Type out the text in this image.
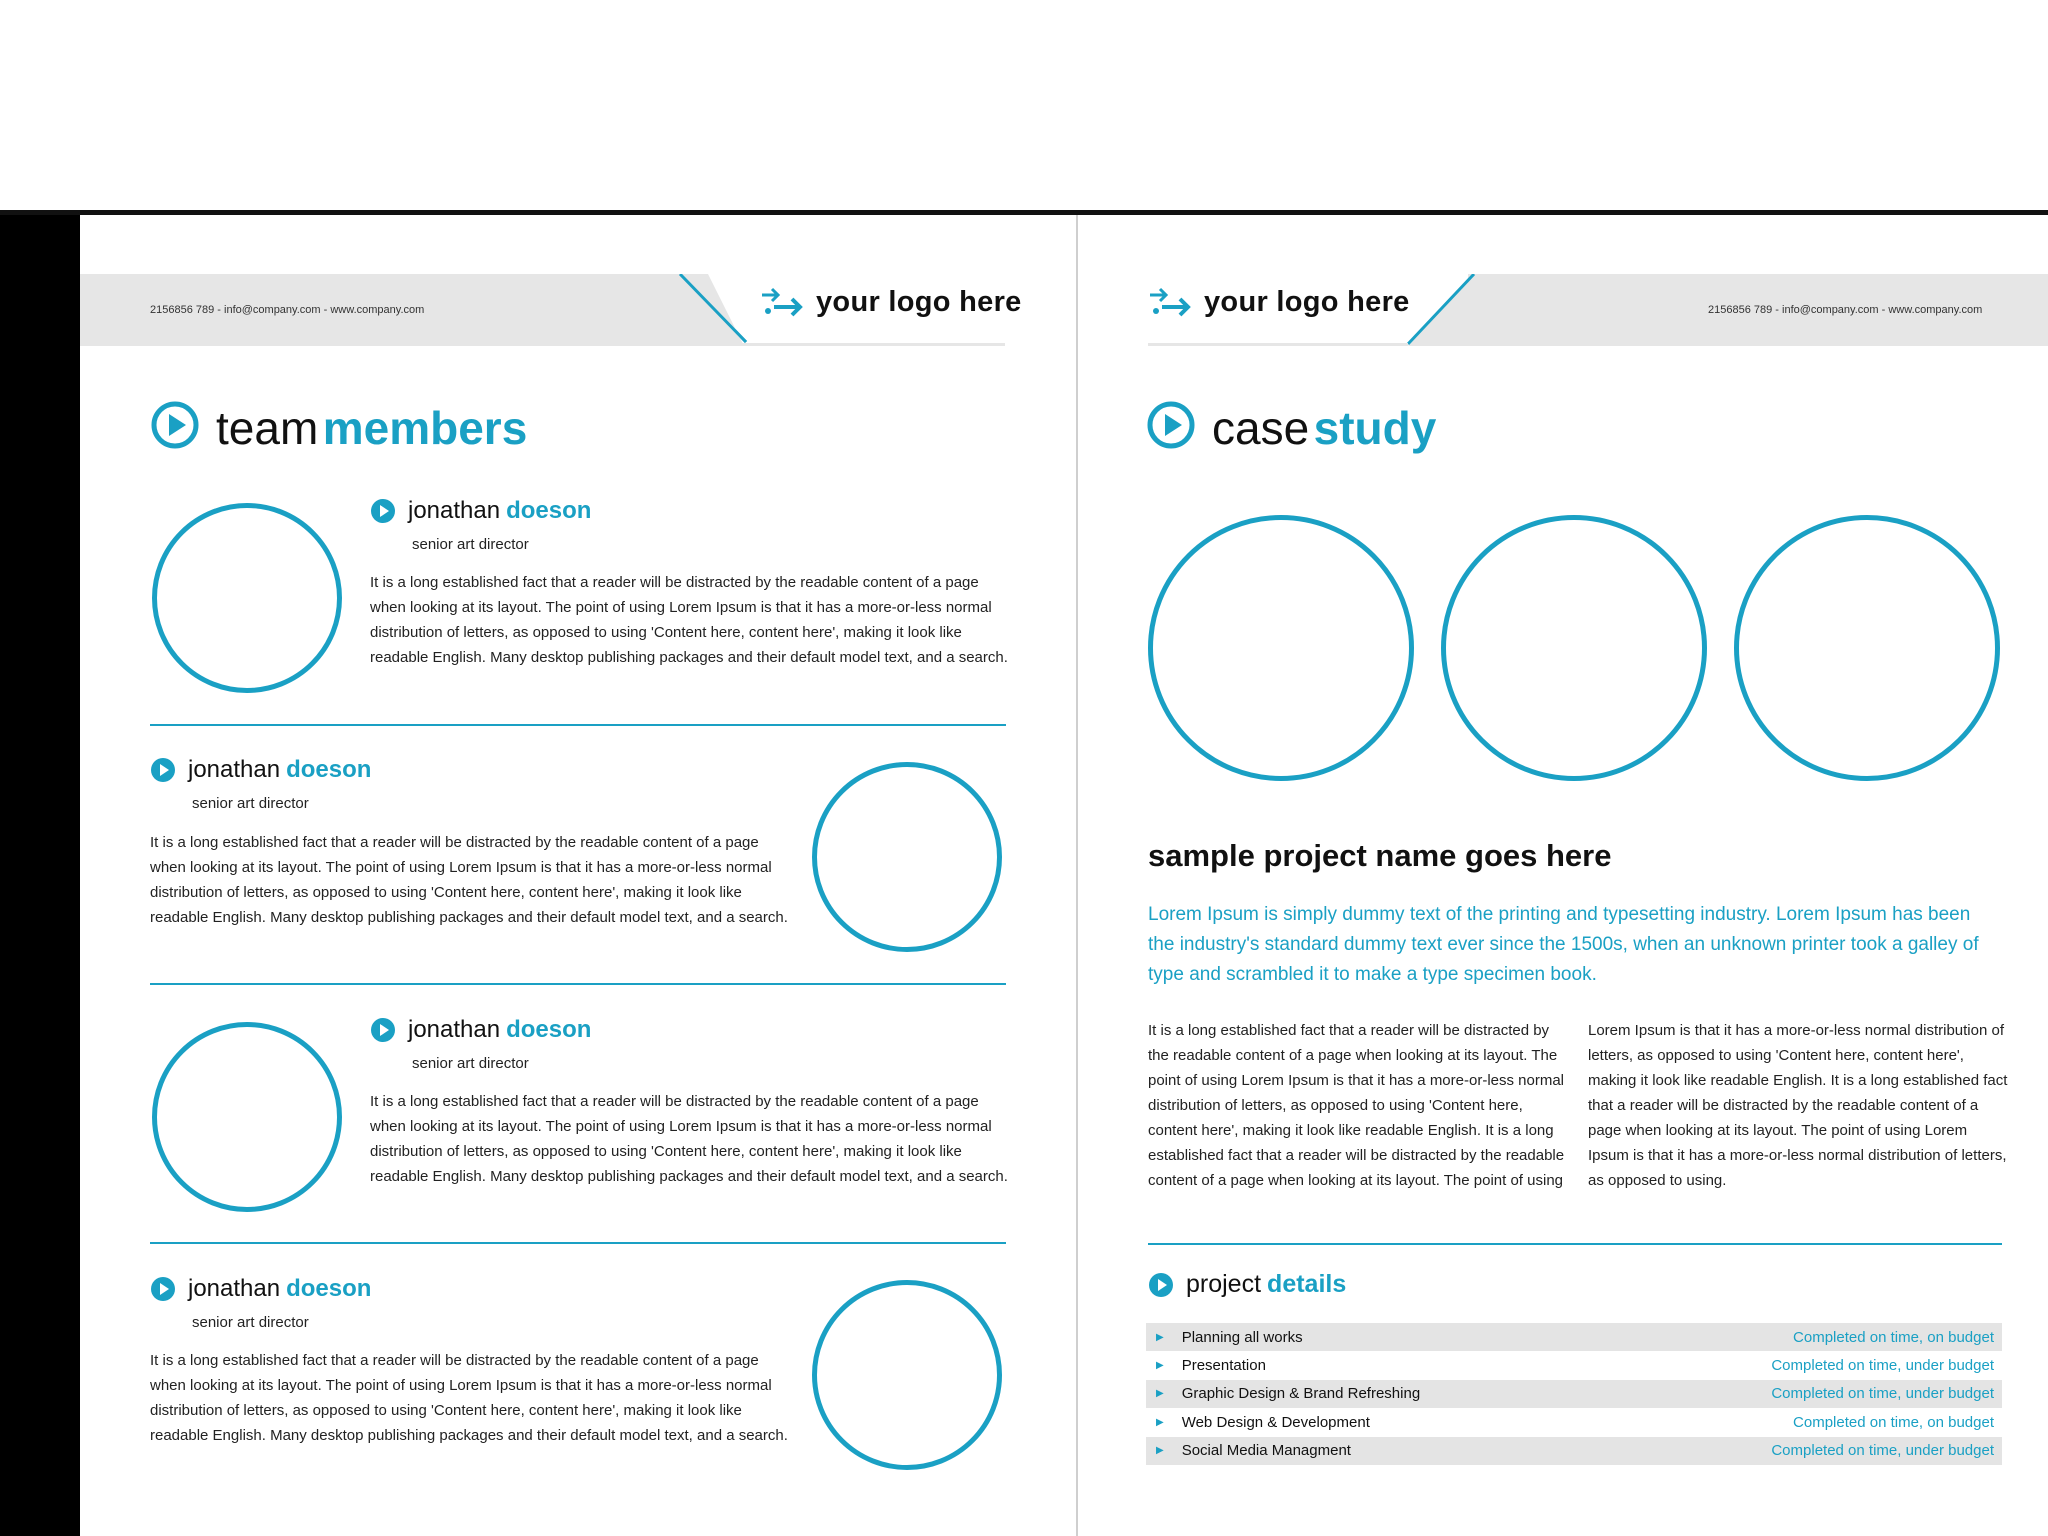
2156856 789 - info@company.com - www.company.com	your logo here
team members
jonathan doeson
senior art director
It is a long established fact that a reader will be distracted by the readable content of a page when looking at its layout. The point of using Lorem Ipsum is that it has a more-or-less normal distribution of letters, as opposed to using 'Content here, content here', making it look like readable English. Many desktop publishing packages and their default model text, and a search.
jonathan doeson
senior art director
It is a long established fact that a reader will be distracted by the readable content of a page when looking at its layout. The point of using Lorem Ipsum is that it has a more-or-less normal distribution of letters, as opposed to using 'Content here, content here', making it look like readable English. Many desktop publishing packages and their default model text, and a search.
jonathan doeson
senior art director
It is a long established fact that a reader will be distracted by the readable content of a page when looking at its layout. The point of using Lorem Ipsum is that it has a more-or-less normal distribution of letters, as opposed to using 'Content here, content here', making it look like readable English. Many desktop publishing packages and their default model text, and a search.
jonathan doeson
senior art director
It is a long established fact that a reader will be distracted by the readable content of a page when looking at its layout. The point of using Lorem Ipsum is that it has a more-or-less normal distribution of letters, as opposed to using 'Content here, content here', making it look like readable English. Many desktop publishing packages and their default model text, and a search.
2156856 789 - info@company.com - www.company.com
your logo here
case study
sample project name goes here
Lorem Ipsum is simply dummy text of the printing and typesetting industry. Lorem Ipsum has been the industry's standard dummy text ever since the 1500s, when an unknown printer took a galley of type and scrambled it to make a type specimen book.
It is a long established fact that a reader will be distracted by the readable content of a page when looking at its layout. The point of using Lorem Ipsum is that it has a more-or-less normal distribution of letters, as opposed to using 'Content here, content here', making it look like readable English. It is a long established fact that a reader will be distracted by the readable content of a page when looking at its layout. The point of using
Lorem Ipsum is that it has a more-or-less normal distribution of letters, as opposed to using 'Content here, content here', making it look like readable English. It is a long established fact that a reader will be distracted by the readable content of a page when looking at its layout. The point of using Lorem Ipsum is that it has a more-or-less normal distribution of letters, as opposed to using.
project details
▶ Planning all works	Completed on time, on budget
▶ Presentation	Completed on time, under budget
▶ Graphic Design & Brand Refreshing	Completed on time, under budget
▶ Web Design & Development	Completed on time, on budget
▶ Social Media Managment	Completed on time, under budget
